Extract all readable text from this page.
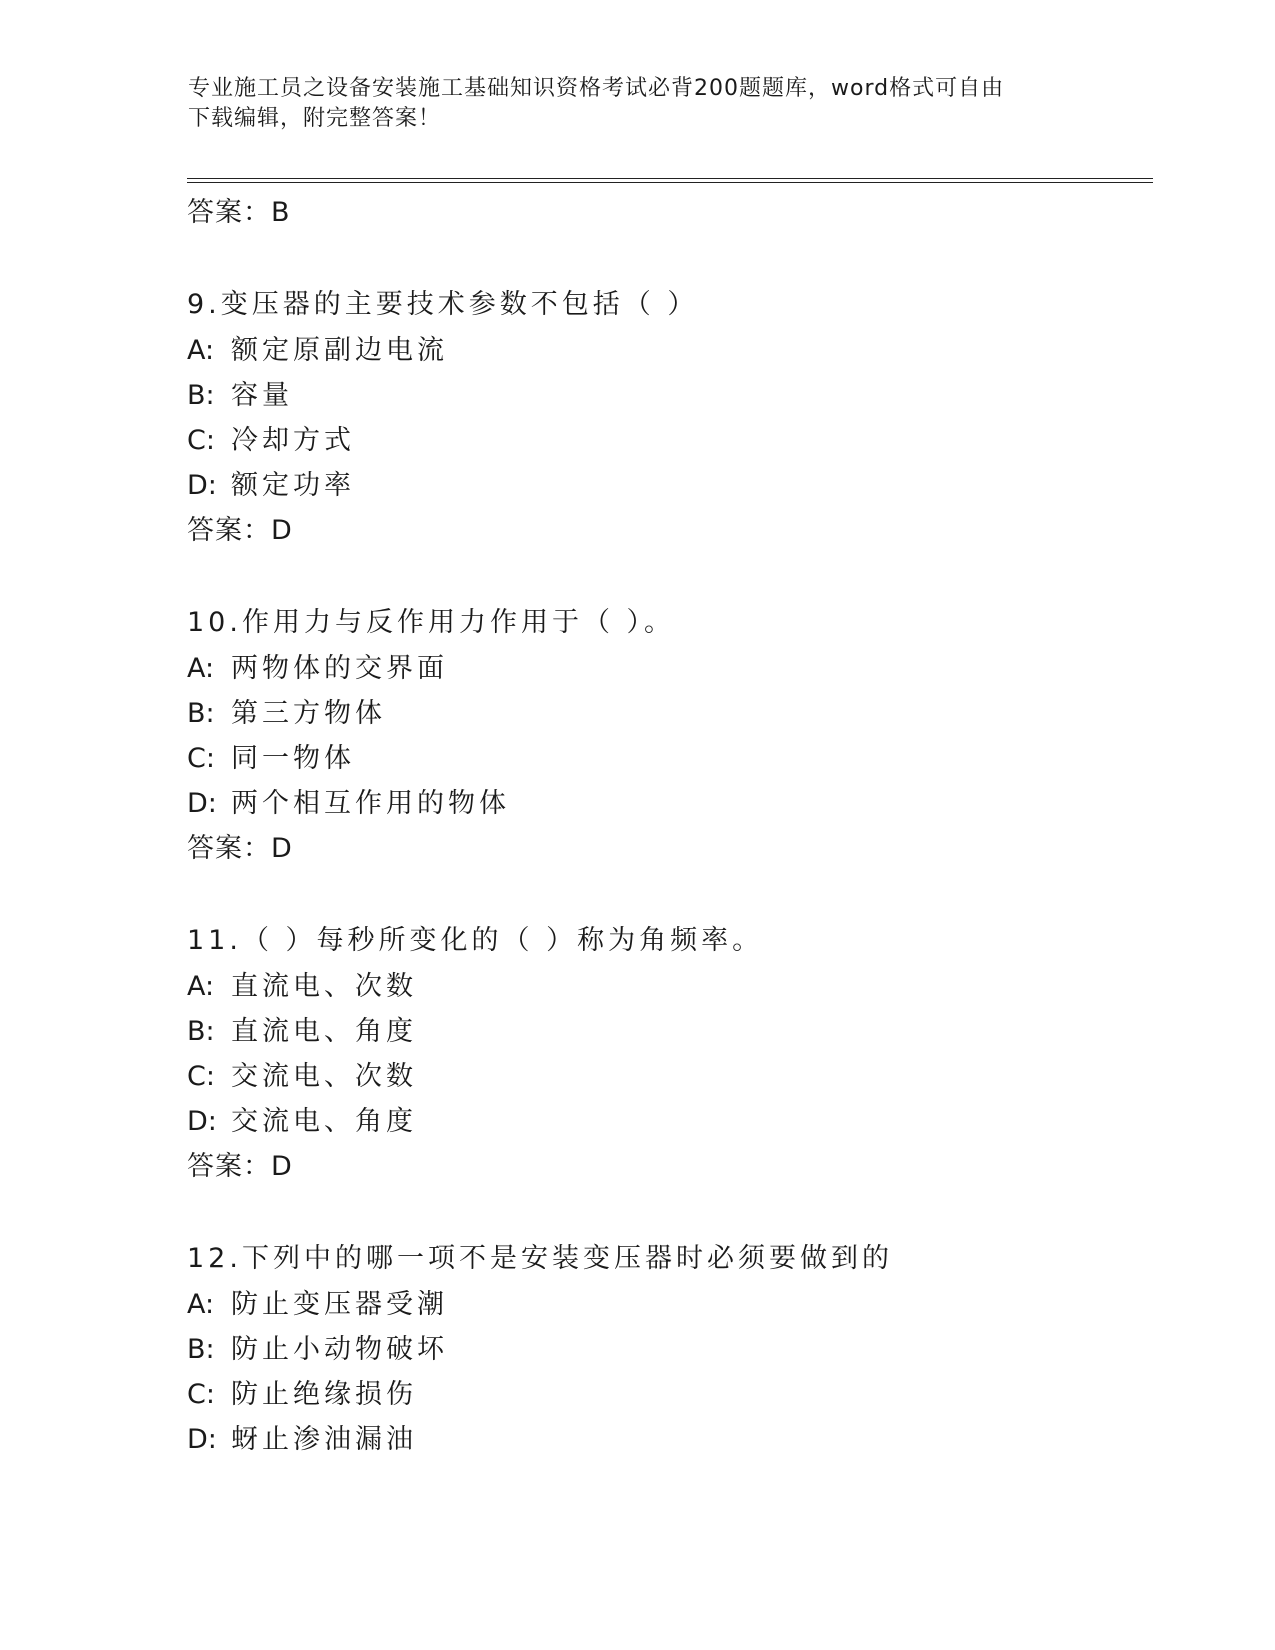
专业施工员之设备安装施工基础知识资格考试必背200题题库，word格式可自由
下载编辑，附完整答案！
答案：B
9.变压器的主要技术参数不包括（ ）
A: 额定原副边电流
B: 容量
C: 冷却方式
D: 额定功率
答案：D
10.作用力与反作用力作用于（ ）。
A: 两物体的交界面
B: 第三方物体
C: 同一物体
D: 两个相互作用的物体
答案：D
11.（ ）每秒所变化的（ ）称为角频率。
A: 直流电、次数
B: 直流电、角度
C: 交流电、次数
D: 交流电、角度
答案：D
12.下列中的哪一项不是安装变压器时必须要做到的
A: 防止变压器受潮
B: 防止小动物破坏
C: 防止绝缘损伤
D: 蚜止渗油漏油
